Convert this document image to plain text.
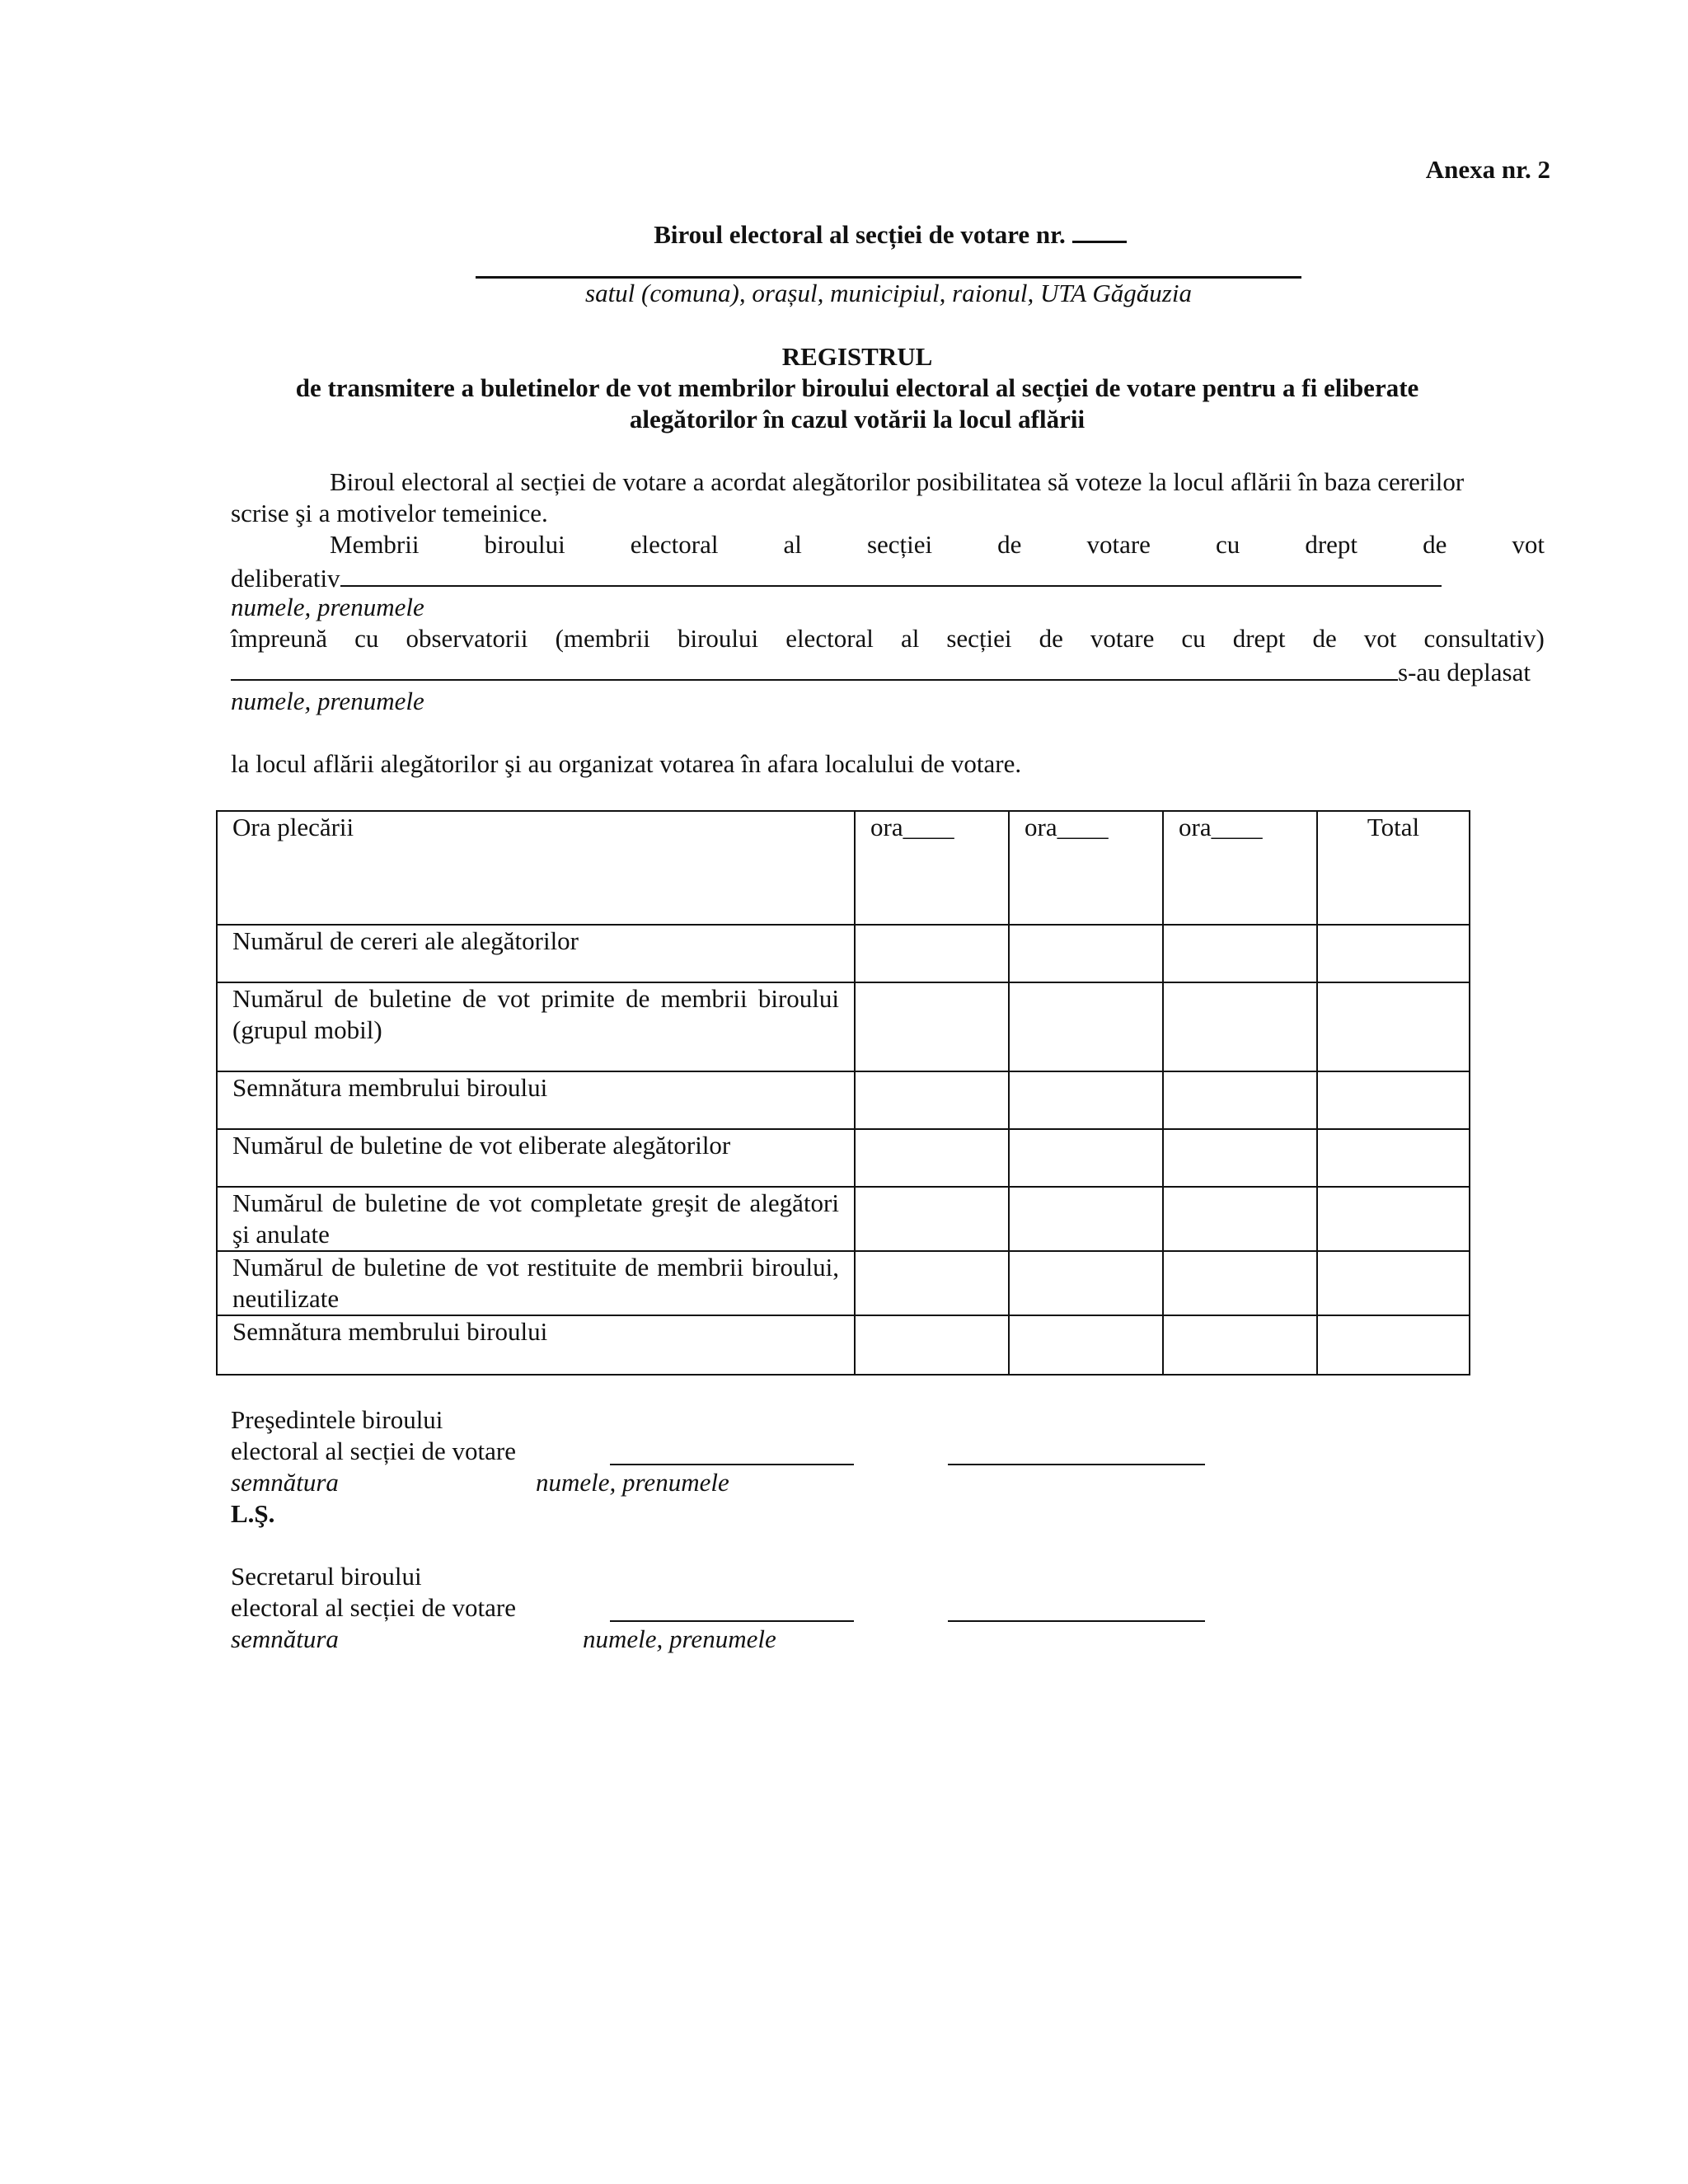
Anexa nr. 2
Biroul electoral al secției de votare nr.
satul (comuna), orașul, municipiul, raionul, UTA Găgăuzia
REGISTRUL
de transmitere a buletinelor de vot membrilor biroului electoral al secției de votare pentru a fi eliberate
alegătorilor în cazul votării la locul aflării
Biroul electoral al secției de votare a acordat alegătorilor posibilitatea să voteze la locul aflării în baza cererilor
scrise şi a motivelor temeinice.
Membrii	biroului	electoral	al	secției	de	votare	cu	drept	de	vot
deliberativ
numele, prenumele
împreună cu observatorii (membrii biroului electoral al secției de votare cu drept de vot consultativ)
s-au deplasat
numele, prenumele
la locul aflării alegătorilor şi au organizat votarea în afara localului de votare.
Ora plecării	ora____	ora____	ora____	Total
Numărul de cereri ale alegătorilor				
Numărul de buletine de vot primite de membrii biroului (grupul mobil)				
Semnătura membrului biroului				
Numărul de buletine de vot eliberate alegătorilor				
Numărul de buletine de vot completate greşit de alegători şi anulate				
Numărul de buletine de vot restituite de membrii biroului, neutilizate				
Semnătura membrului biroului				
Preşedintele biroului
electoral al secției de votare
semnătura	numele, prenumele
L.Ş.
Secretarul biroului
electoral al secției de votare
semnătura	numele, prenumele
